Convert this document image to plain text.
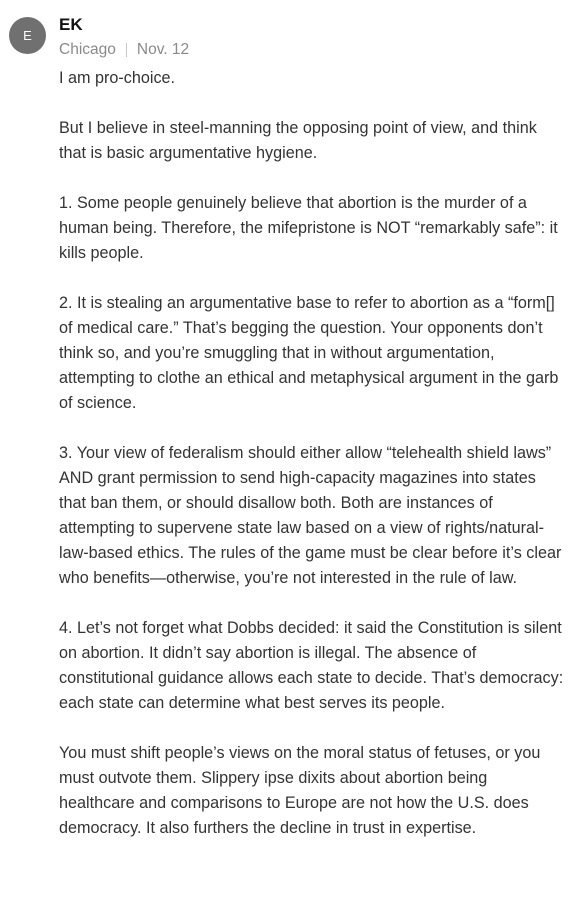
E
EK
Chicago Nov. 12

I am pro-choice.

But I believe in steel-manning the opposing point of view, and think that is basic argumentative hygiene.

1. Some people genuinely believe that abortion is the murder of a human being. Therefore, the mifepristone is NOT “remarkably safe”: it kills people.

2. It is stealing an argumentative base to refer to abortion as a “form[] of medical care.” That’s begging the question. Your opponents don’t think so, and you’re smuggling that in without argumentation, attempting to clothe an ethical and metaphysical argument in the garb of science.

3. Your view of federalism should either allow “telehealth shield laws” AND grant permission to send high-capacity magazines into states that ban them, or should disallow both. Both are instances of attempting to supervene state law based on a view of rights/natural-law-based ethics. The rules of the game must be clear before it’s clear who benefits—otherwise, you’re not interested in the rule of law.

4. Let’s not forget what Dobbs decided: it said the Constitution is silent on abortion. It didn’t say abortion is illegal. The absence of constitutional guidance allows each state to decide. That’s democracy: each state can determine what best serves its people.

You must shift people’s views on the moral status of fetuses, or you must outvote them. Slippery ipse dixits about abortion being healthcare and comparisons to Europe are not how the U.S. does democracy. It also furthers the decline in trust in expertise.
